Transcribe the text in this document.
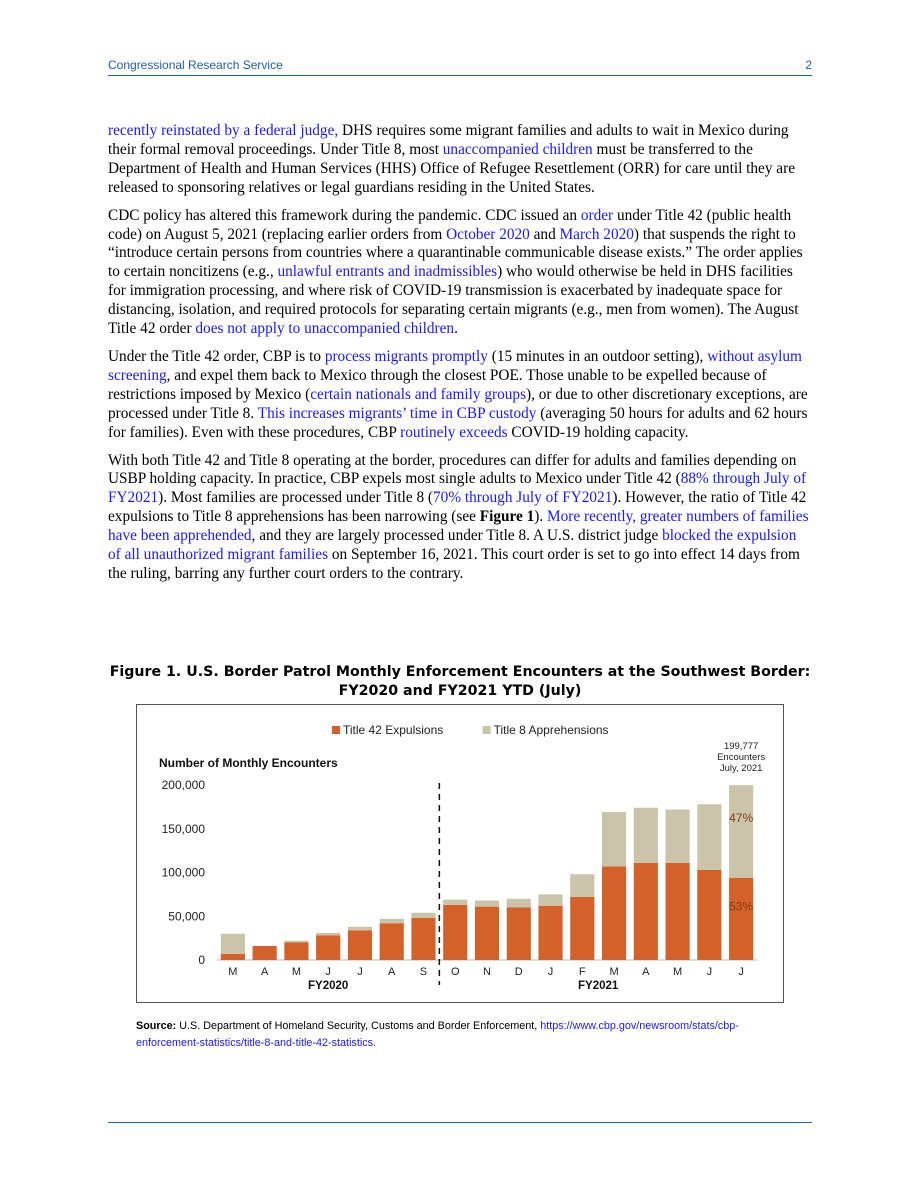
Congressional Research Service	2

recently reinstated by a federal judge, DHS requires some migrant families and adults to wait in Mexico during their formal removal proceedings. Under Title 8, most unaccompanied children must be transferred to the Department of Health and Human Services (HHS) Office of Refugee Resettlement (ORR) for care until they are released to sponsoring relatives or legal guardians residing in the United States.

CDC policy has altered this framework during the pandemic. CDC issued an order under Title 42 (public health code) on August 5, 2021 (replacing earlier orders from October 2020 and March 2020) that suspends the right to “introduce certain persons from countries where a quarantinable communicable disease exists.” The order applies to certain noncitizens (e.g., unlawful entrants and inadmissibles) who would otherwise be held in DHS facilities for immigration processing, and where risk of COVID-19 transmission is exacerbated by inadequate space for distancing, isolation, and required protocols for separating certain migrants (e.g., men from women). The August Title 42 order does not apply to unaccompanied children.

Under the Title 42 order, CBP is to process migrants promptly (15 minutes in an outdoor setting), without asylum screening, and expel them back to Mexico through the closest POE. Those unable to be expelled because of restrictions imposed by Mexico (certain nationals and family groups), or due to other discretionary exceptions, are processed under Title 8. This increases migrants’ time in CBP custody (averaging 50 hours for adults and 62 hours for families). Even with these procedures, CBP routinely exceeds COVID-19 holding capacity.

With both Title 42 and Title 8 operating at the border, procedures can differ for adults and families depending on USBP holding capacity. In practice, CBP expels most single adults to Mexico under Title 42 (88% through July of FY2021). Most families are processed under Title 8 (70% through July of FY2021). However, the ratio of Title 42 expulsions to Title 8 apprehensions has been narrowing (see Figure 1). More recently, greater numbers of families have been apprehended, and they are largely processed under Title 8. A U.S. district judge blocked the expulsion of all unauthorized migrant families on September 16, 2021. This court order is set to go into effect 14 days from the ruling, barring any further court orders to the contrary.

Figure 1. U.S. Border Patrol Monthly Enforcement Encounters at the Southwest Border: FY2020 and FY2021 YTD (July)
Title 42 Expulsions	Title 8 Apprehensions
Number of Monthly Encounters
0
50,000
100,000
150,000
200,000
M A M J J A S O N D J F M A M J J
FY2020	FY2021
199,777
Encounters
July, 2021
47%
53%
Source: U.S. Department of Homeland Security, Customs and Border Enforcement, https://www.cbp.gov/newsroom/stats/cbp-enforcement-statistics/title-8-and-title-42-statistics.
